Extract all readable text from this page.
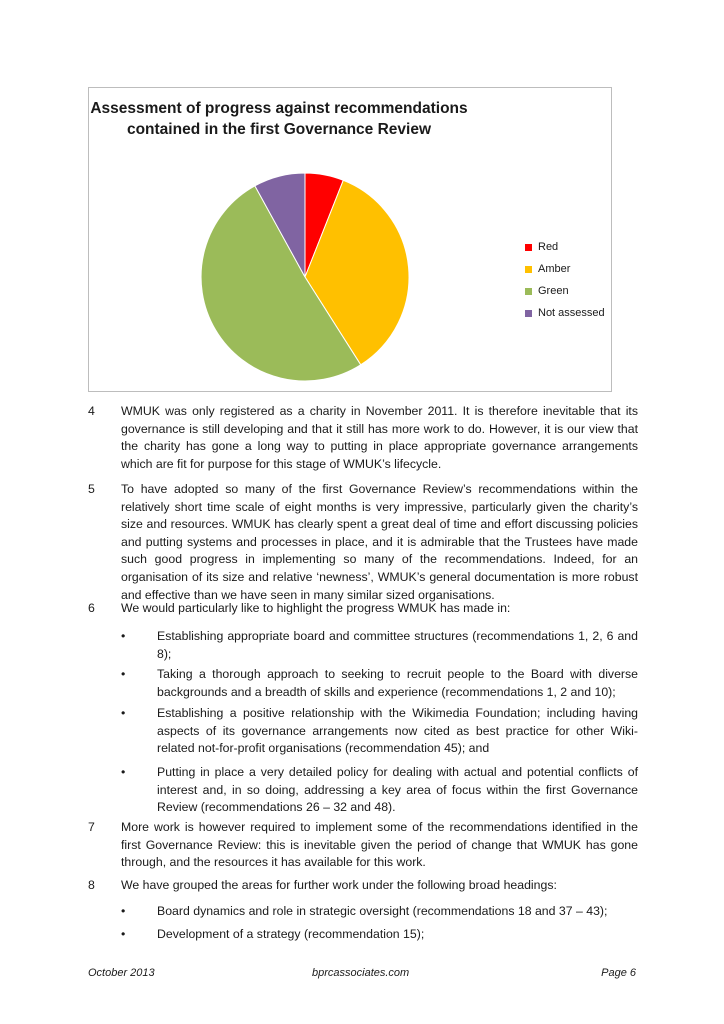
Assessment of progress against recommendations
contained in the first Governance Review
Red
Amber
Green
Not assessed
4	WMUK was only registered as a charity in November 2011. It is therefore inevitable that its governance is still developing and that it still has more work to do. However, it is our view that the charity has gone a long way to putting in place appropriate governance arrangements which are fit for purpose for this stage of WMUK’s lifecycle.
5	To have adopted so many of the first Governance Review’s recommendations within the relatively short time scale of eight months is very impressive, particularly given the charity’s size and resources. WMUK has clearly spent a great deal of time and effort discussing policies and putting systems and processes in place, and it is admirable that the Trustees have made such good progress in implementing so many of the recommendations. Indeed, for an organisation of its size and relative ‘newness’, WMUK’s general documentation is more robust and effective than we have seen in many similar sized organisations.
6	We would particularly like to highlight the progress WMUK has made in:
•	Establishing appropriate board and committee structures (recommendations 1, 2, 6 and 8);
•	Taking a thorough approach to seeking to recruit people to the Board with diverse backgrounds and a breadth of skills and experience (recommendations 1, 2 and 10);
•	Establishing a positive relationship with the Wikimedia Foundation; including having aspects of its governance arrangements now cited as best practice for other Wiki-related not-for-profit organisations (recommendation 45); and
•	Putting in place a very detailed policy for dealing with actual and potential conflicts of interest and, in so doing, addressing a key area of focus within the first Governance Review (recommendations 26 – 32 and 48).
7	More work is however required to implement some of the recommendations identified in the first Governance Review: this is inevitable given the period of change that WMUK has gone through, and the resources it has available for this work.
8	We have grouped the areas for further work under the following broad headings:
•	Board dynamics and role in strategic oversight (recommendations 18 and 37 – 43);
•	Development of a strategy (recommendation 15);
October 2013	bprcassociates.com	Page 6
